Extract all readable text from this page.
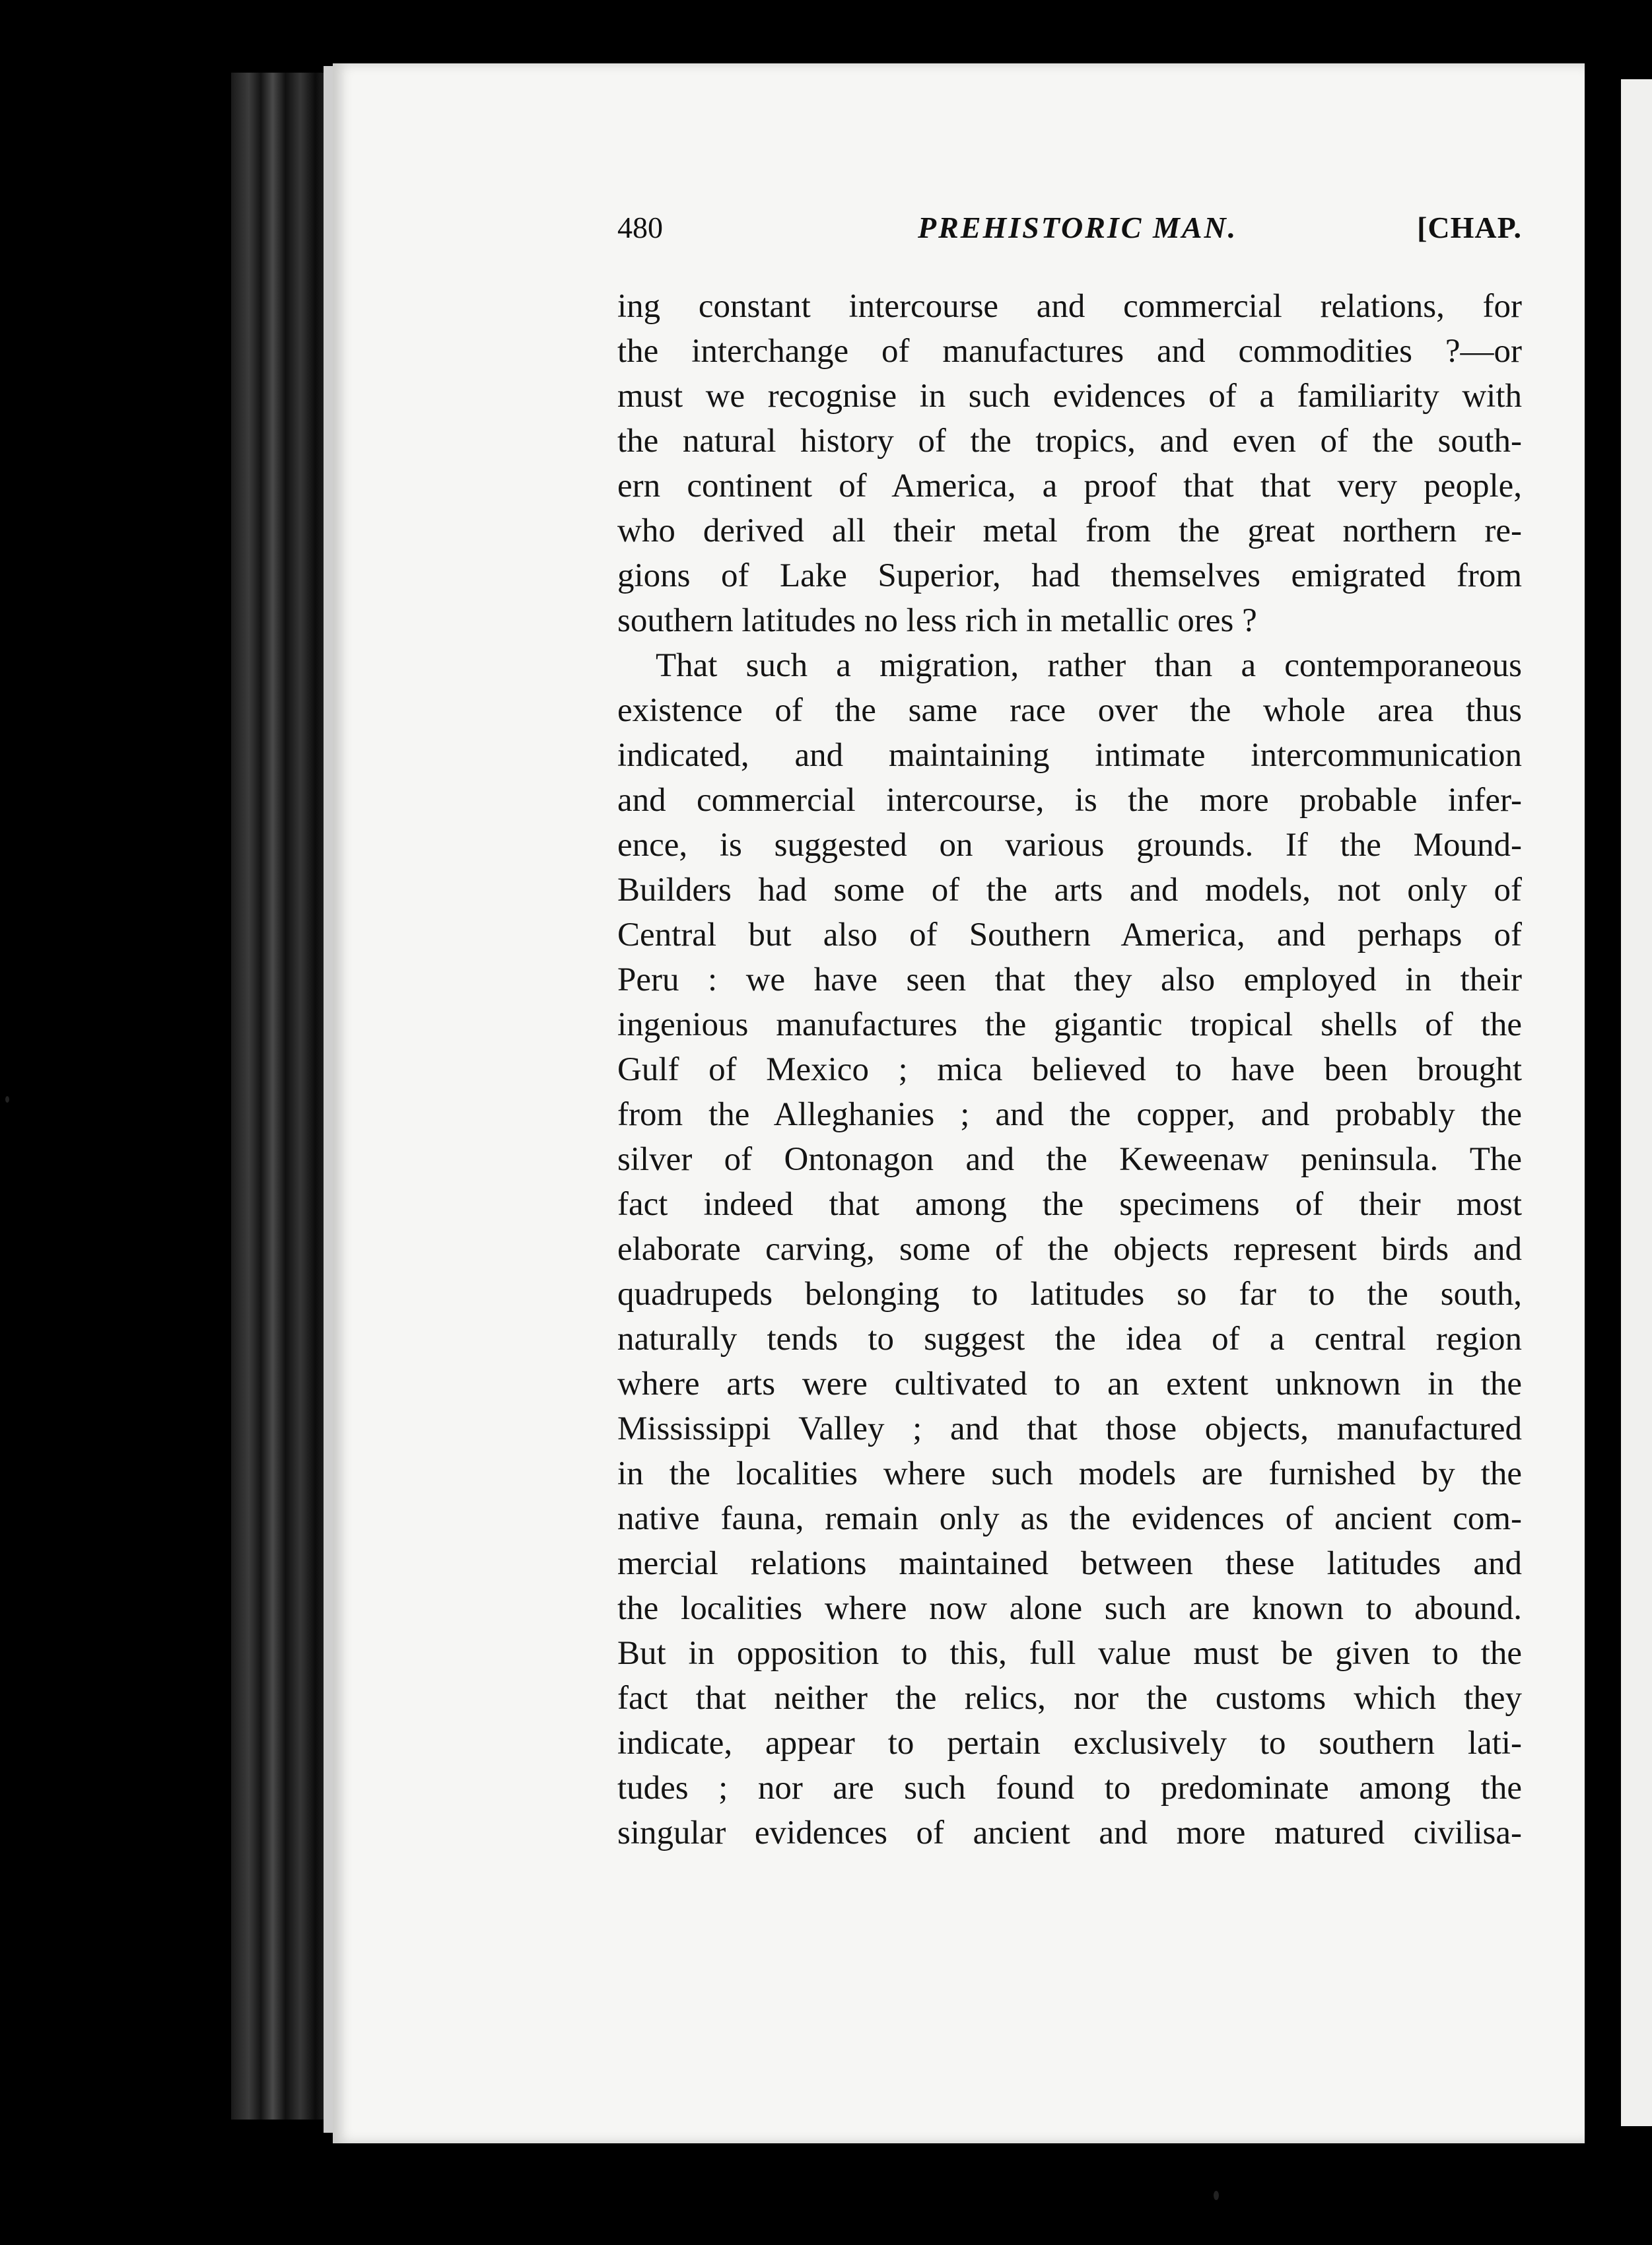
480	PREHISTORIC MAN.	[CHAP.
ing constant intercourse and commercial relations, for
the interchange of manufactures and commodities ?—or
must we recognise in such evidences of a familiarity with
the natural history of the tropics, and even of the south-
ern continent of America, a proof that that very people,
who derived all their metal from the great northern re-
gions of Lake Superior, had themselves emigrated from
southern latitudes no less rich in metallic ores ?
That such a migration, rather than a contemporaneous
existence of the same race over the whole area thus
indicated, and maintaining intimate intercommunication
and commercial intercourse, is the more probable infer-
ence, is suggested on various grounds. If the Mound-
Builders had some of the arts and models, not only of
Central but also of Southern America, and perhaps of
Peru : we have seen that they also employed in their
ingenious manufactures the gigantic tropical shells of the
Gulf of Mexico ; mica believed to have been brought
from the Alleghanies ; and the copper, and probably the
silver of Ontonagon and the Keweenaw peninsula. The
fact indeed that among the specimens of their most
elaborate carving, some of the objects represent birds and
quadrupeds belonging to latitudes so far to the south,
naturally tends to suggest the idea of a central region
where arts were cultivated to an extent unknown in the
Mississippi Valley ; and that those objects, manufactured
in the localities where such models are furnished by the
native fauna, remain only as the evidences of ancient com-
mercial relations maintained between these latitudes and
the localities where now alone such are known to abound.
But in opposition to this, full value must be given to the
fact that neither the relics, nor the customs which they
indicate, appear to pertain exclusively to southern lati-
tudes ; nor are such found to predominate among the
singular evidences of ancient and more matured civilisa-
